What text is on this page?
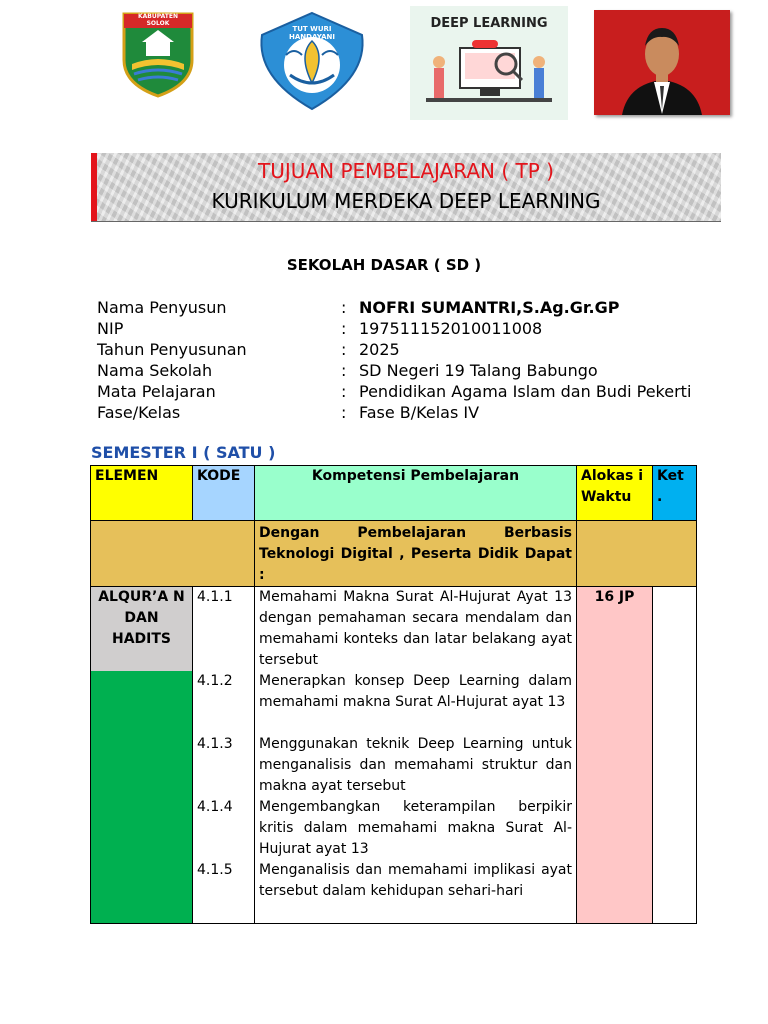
KABUPATEN SOLOK
TUT WURI HANDAYANI
DEEP LEARNING
TUJUAN PEMBELAJARAN ( TP )
KURIKULUM MERDEKA DEEP LEARNING
SEKOLAH DASAR ( SD )
Nama Penyusun	: NOFRI SUMANTRI,S.Ag.Gr.GP
NIP	: 197511152010011008
Tahun Penyusunan	: 2025
Nama Sekolah	: SD Negeri 19 Talang Babungo
Mata Pelajaran	: Pendidikan Agama Islam dan Budi Pekerti
Fase/Kelas	: Fase B/Kelas IV
SEMESTER I ( SATU )
ELEMEN	KODE	Kompetensi Pembelajaran	Alokas i Waktu	Ket .
		Dengan Pembelajaran Berbasis Teknologi Digital , Peserta Didik Dapat :		
ALQUR’A N DAN HADITS	4.1.1	Memahami Makna Surat Al-Hujurat Ayat 13 dengan pemahaman secara mendalam dan memahami konteks dan latar belakang ayat tersebut	16 JP	
	4.1.2	Menerapkan konsep Deep Learning dalam memahami makna Surat Al-Hujurat ayat 13		
	4.1.3	Menggunakan teknik Deep Learning untuk menganalisis dan memahami struktur dan makna ayat tersebut		
	4.1.4	Mengembangkan keterampilan berpikir kritis dalam memahami makna Surat Al-Hujurat ayat 13		
	4.1.5	Menganalisis dan memahami implikasi ayat tersebut dalam kehidupan sehari-hari		
